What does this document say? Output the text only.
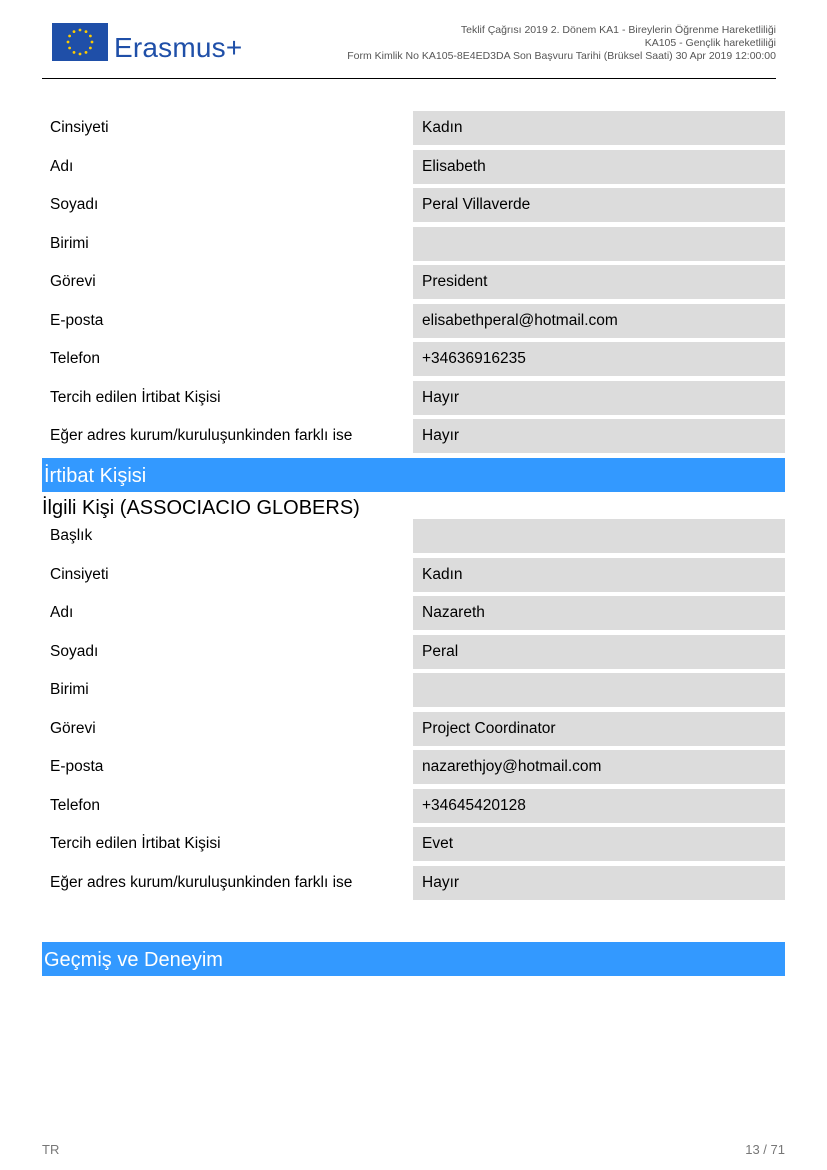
Erasmus+
Teklif Çağrısı 2019 2. Dönem KA1 - Bireylerin Öğrenme Hareketliliği
KA105 - Gençlik hareketliliği
Form Kimlik No KA105-8E4ED3DA Son Başvuru Tarihi (Brüksel Saati) 30 Apr 2019 12:00:00
Cinsiyeti	Kadın
Adı	Elisabeth
Soyadı	Peral Villaverde
Birimi
Görevi	President
E-posta	elisabethperal@hotmail.com
Telefon	+34636916235
Tercih edilen İrtibat Kişisi	Hayır
Eğer adres kurum/kuruluşunkinden farklı ise	Hayır
İrtibat Kişisi
İlgili Kişi (ASSOCIACIO GLOBERS)
Başlık
Cinsiyeti	Kadın
Adı	Nazareth
Soyadı	Peral
Birimi
Görevi	Project Coordinator
E-posta	nazarethjoy@hotmail.com
Telefon	+34645420128
Tercih edilen İrtibat Kişisi	Evet
Eğer adres kurum/kuruluşunkinden farklı ise	Hayır
Geçmiş ve Deneyim
TR	13 / 71
